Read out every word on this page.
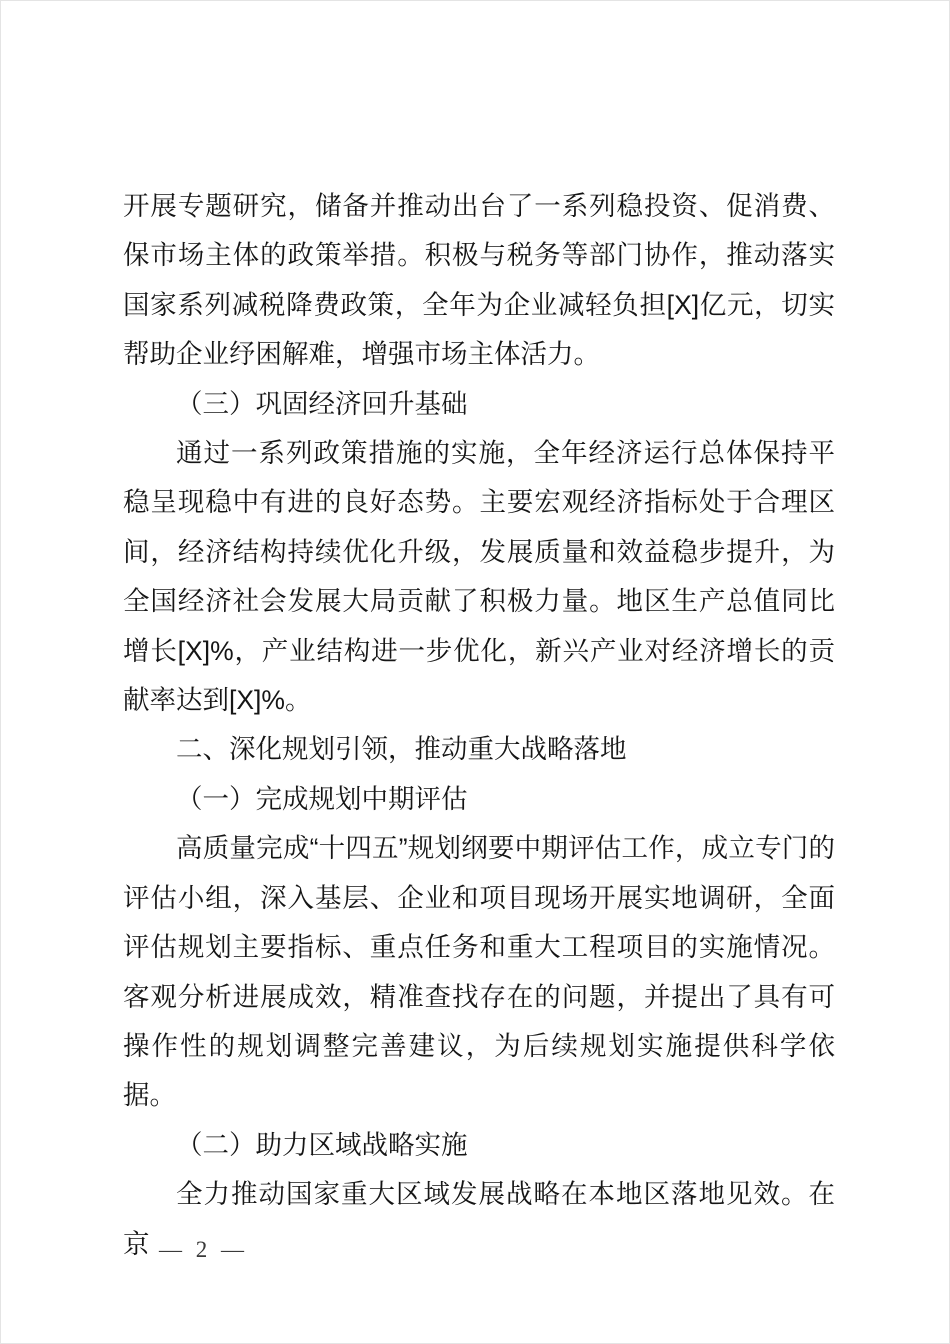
开展专题研究，储备并推动出台了一系列稳投资、促消费、保市场主体的政策举措。积极与税务等部门协作，推动落实国家系列减税降费政策，全年为企业减轻负担[X]亿元，切实帮助企业纾困解难，增强市场主体活力。
（三）巩固经济回升基础
通过一系列政策措施的实施，全年经济运行总体保持平稳呈现稳中有进的良好态势。主要宏观经济指标处于合理区间，经济结构持续优化升级，发展质量和效益稳步提升，为全国经济社会发展大局贡献了积极力量。地区生产总值同比增长[X]%，产业结构进一步优化，新兴产业对经济增长的贡献率达到[X]%。
二、深化规划引领，推动重大战略落地
（一）完成规划中期评估
高质量完成“十四五”规划纲要中期评估工作，成立专门的评估小组，深入基层、企业和项目现场开展实地调研，全面评估规划主要指标、重点任务和重大工程项目的实施情况。客观分析进展成效，精准查找存在的问题，并提出了具有可操作性的规划调整完善建议，为后续规划实施提供科学依据。
（二）助力区域战略实施
全力推动国家重大区域发展战略在本地区落地见效。在京 — 2 —
